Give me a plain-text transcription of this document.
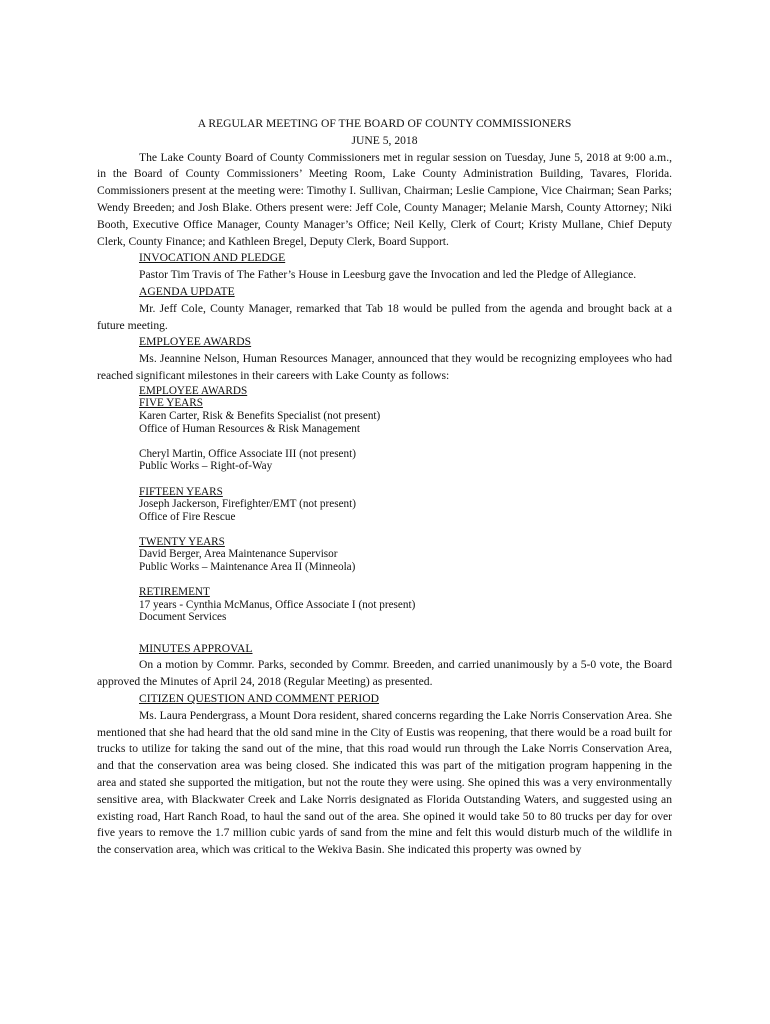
A REGULAR MEETING OF THE BOARD OF COUNTY COMMISSIONERS
JUNE 5, 2018

The Lake County Board of County Commissioners met in regular session on Tuesday, June 5, 2018 at 9:00 a.m., in the Board of County Commissioners’ Meeting Room, Lake County Administration Building, Tavares, Florida. Commissioners present at the meeting were: Timothy I. Sullivan, Chairman; Leslie Campione, Vice Chairman; Sean Parks; Wendy Breeden; and Josh Blake. Others present were: Jeff Cole, County Manager; Melanie Marsh, County Attorney; Niki Booth, Executive Office Manager, County Manager’s Office; Neil Kelly, Clerk of Court; Kristy Mullane, Chief Deputy Clerk, County Finance; and Kathleen Bregel, Deputy Clerk, Board Support.

INVOCATION AND PLEDGE

Pastor Tim Travis of The Father’s House in Leesburg gave the Invocation and led the Pledge of Allegiance.

AGENDA UPDATE

Mr. Jeff Cole, County Manager, remarked that Tab 18 would be pulled from the agenda and brought back at a future meeting.

EMPLOYEE AWARDS

Ms. Jeannine Nelson, Human Resources Manager, announced that they would be recognizing employees who had reached significant milestones in their careers with Lake County as follows:

EMPLOYEE AWARDS
FIVE YEARS
Karen Carter, Risk & Benefits Specialist (not present)
Office of Human Resources & Risk Management
Cheryl Martin, Office Associate III (not present)
Public Works – Right-of-Way
FIFTEEN YEARS
Joseph Jackerson, Firefighter/EMT (not present)
Office of Fire Rescue
TWENTY YEARS
David Berger, Area Maintenance Supervisor
Public Works – Maintenance Area II (Minneola)
RETIREMENT
17 years - Cynthia McManus, Office Associate I (not present)
Document Services
MINUTES APPROVAL

On a motion by Commr. Parks, seconded by Commr. Breeden, and carried unanimously by a 5-0 vote, the Board approved the Minutes of April 24, 2018 (Regular Meeting) as presented.

CITIZEN QUESTION AND COMMENT PERIOD

Ms. Laura Pendergrass, a Mount Dora resident, shared concerns regarding the Lake Norris Conservation Area. She mentioned that she had heard that the old sand mine in the City of Eustis was reopening, that there would be a road built for trucks to utilize for taking the sand out of the mine, that this road would run through the Lake Norris Conservation Area, and that the conservation area was being closed. She indicated this was part of the mitigation program happening in the area and stated she supported the mitigation, but not the route they were using. She opined this was a very environmentally sensitive area, with Blackwater Creek and Lake Norris designated as Florida Outstanding Waters, and suggested using an existing road, Hart Ranch Road, to haul the sand out of the area. She opined it would take 50 to 80 trucks per day for over five years to remove the 1.7 million cubic yards of sand from the mine and felt this would disturb much of the wildlife in the conservation area, which was critical to the Wekiva Basin. She indicated this property was owned by
